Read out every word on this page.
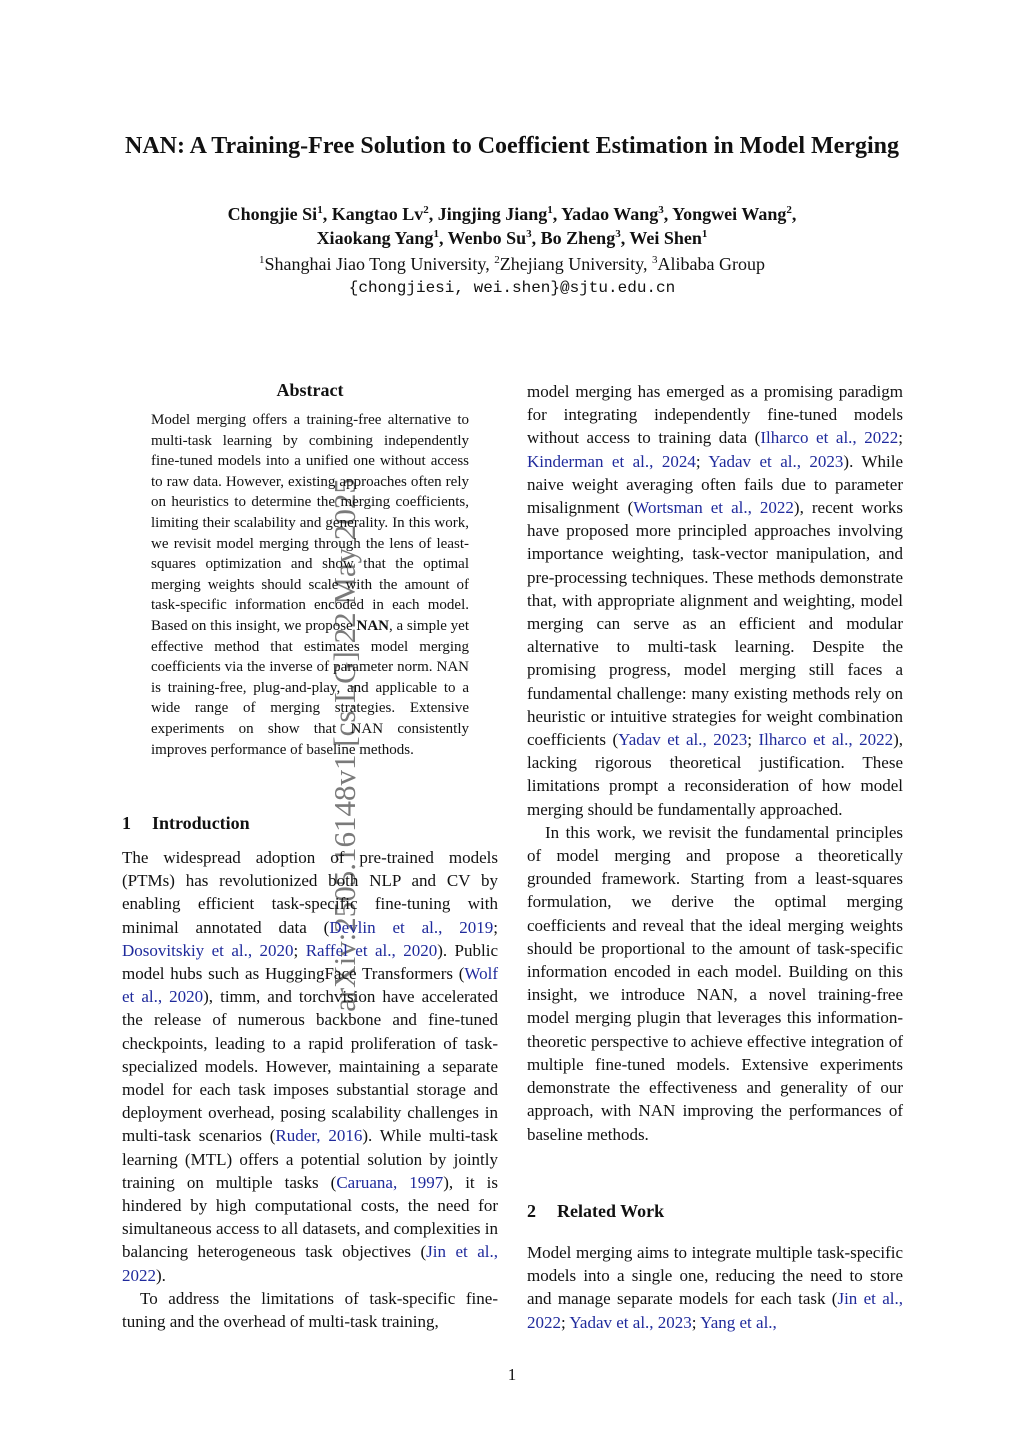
NAN: A Training-Free Solution to Coefficient Estimation in Model Merging
Chongjie Si$^1$, Kangtao Lv$^2$, Jingjing Jiang$^1$, Yadao Wang$^3$, Yongwei Wang$^2$,
Xiaokang Yang$^1$, Wenbo Su$^3$, Bo Zheng$^3$, Wei Shen$^1$
$^1$Shanghai Jiao Tong University, $^2$Zhejiang University, $^3$Alibaba Group
{chongjiesi, wei.shen}@sjtu.edu.cn
arXiv:2505.16148v1 [cs.LG] 22 May 2025
Abstract
Model merging offers a training-free alternative to multi-task learning by combining independently fine-tuned models into a unified one without access to raw data. However, existing approaches often rely on heuristics to determine the merging coefficients, limiting their scalability and generality. In this work, we revisit model merging through the lens of least-squares optimization and show that the optimal merging weights should scale with the amount of task-specific information encoded in each model. Based on this insight, we propose NAN, a simple yet effective method that estimates model merging coefficients via the inverse of parameter norm. NAN is training-free, plug-and-play, and applicable to a wide range of merging strategies. Extensive experiments on show that NAN consistently improves performance of baseline methods.
1 Introduction

The widespread adoption of pre-trained models (PTMs) has revolutionized both NLP and CV by enabling efficient task-specific fine-tuning with minimal annotated data (Devlin et al., 2019; Dosovitskiy et al., 2020; Raffel et al., 2020). Public model hubs such as HuggingFace Transformers (Wolf et al., 2020), timm, and torchvision have accelerated the release of numerous backbone and fine-tuned checkpoints, leading to a rapid proliferation of task-specialized models. However, maintaining a separate model for each task imposes substantial storage and deployment overhead, posing scalability challenges in multi-task scenarios (Ruder, 2016). While multi-task learning (MTL) offers a potential solution by jointly training on multiple tasks (Caruana, 1997), it is hindered by high computational costs, the need for simultaneous access to all datasets, and complexities in balancing heterogeneous task objectives (Jin et al., 2022).

To address the limitations of task-specific fine-tuning and the overhead of multi-task training,

model merging has emerged as a promising paradigm for integrating independently fine-tuned models without access to training data (Ilharco et al., 2022; Kinderman et al., 2024; Yadav et al., 2023). While naive weight averaging often fails due to parameter misalignment (Wortsman et al., 2022), recent works have proposed more principled approaches involving importance weighting, task-vector manipulation, and pre-processing techniques. These methods demonstrate that, with appropriate alignment and weighting, model merging can serve as an efficient and modular alternative to multi-task learning. Despite the promising progress, model merging still faces a fundamental challenge: many existing methods rely on heuristic or intuitive strategies for weight combination coefficients (Yadav et al., 2023; Ilharco et al., 2022), lacking rigorous theoretical justification. These limitations prompt a reconsideration of how model merging should be fundamentally approached.

In this work, we revisit the fundamental principles of model merging and propose a theoretically grounded framework. Starting from a least-squares formulation, we derive the optimal merging coefficients and reveal that the ideal merging weights should be proportional to the amount of task-specific information encoded in each model. Building on this insight, we introduce NAN, a novel training-free model merging plugin that leverages this information-theoretic perspective to achieve effective integration of multiple fine-tuned models. Extensive experiments demonstrate the effectiveness and generality of our approach, with NAN improving the performances of baseline methods.

2 Related Work

Model merging aims to integrate multiple task-specific models into a single one, reducing the need to store and manage separate models for each task (Jin et al., 2022; Yadav et al., 2023; Yang et al.,

1
